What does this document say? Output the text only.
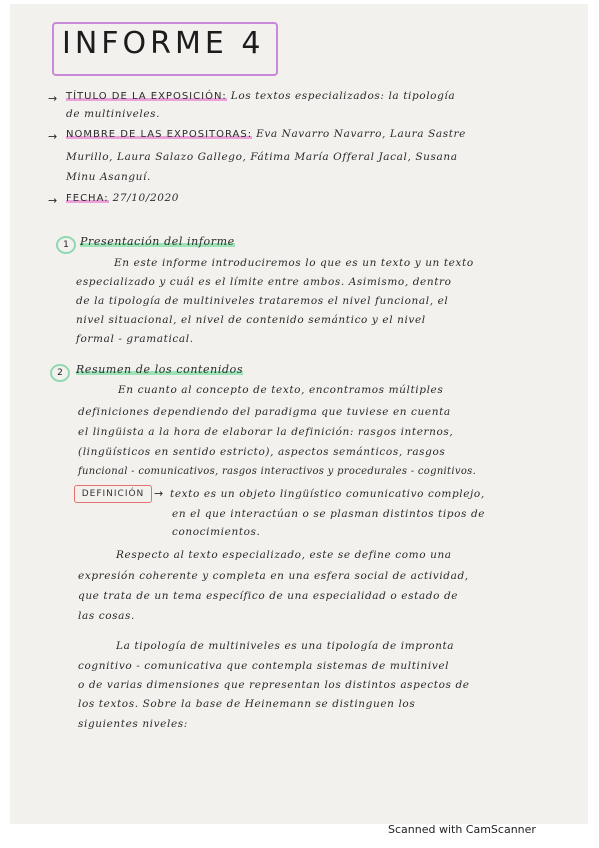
INFORME 4
→ TÍTULO DE LA EXPOSICIÓN: Los textos especializados: la tipología
de multiniveles.
→ NOMBRE DE LAS EXPOSITORAS: Eva Navarro Navarro, Laura Sastre
Murillo, Laura Salazo Gallego, Fátima María Offeral Jacal, Susana
Minu Asanguí.
→ FECHA: 27/10/2020
1	Presentación del informe
En este informe introduciremos lo que es un texto y un texto
especializado y cuál es el límite entre ambos. Asimismo, dentro
de la tipología de multiniveles trataremos el nivel funcional, el
nivel situacional, el nivel de contenido semántico y el nivel
formal - gramatical.
2	Resumen de los contenidos
En cuanto al concepto de texto, encontramos múltiples
definiciones dependiendo del paradigma que tuviese en cuenta
el lingüista a la hora de elaborar la definición: rasgos internos,
(lingüísticos en sentido estricto), aspectos semánticos, rasgos
funcional - comunicativos, rasgos interactivos y procedurales - cognitivos.
DEFINICIÓN → texto es un objeto lingüístico comunicativo complejo,
en el que interactúan o se plasman distintos tipos de
conocimientos.
Respecto al texto especializado, este se define como una
expresión coherente y completa en una esfera social de actividad,
que trata de un tema específico de una especialidad o estado de
las cosas.
La tipología de multiniveles es una tipología de impronta
cognitivo - comunicativa que contempla sistemas de multinivel
o de varias dimensiones que representan los distintos aspectos de
los textos. Sobre la base de Heinemann se distinguen los
siguientes niveles:
Scanned with CamScanner
